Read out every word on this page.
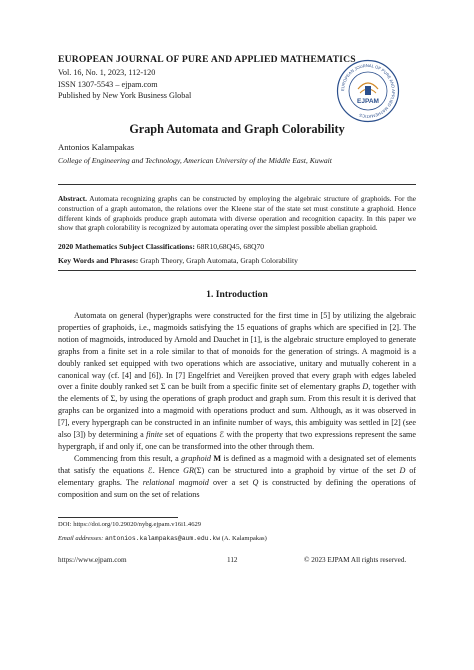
EUROPEAN JOURNAL OF PURE AND APPLIED MATHEMATICS
Vol. 16, No. 1, 2023, 112-120
ISSN 1307-5543 – ejpam.com
Published by New York Business Global
EUROPEAN JOURNAL OF PURE AND APPLIED MATHEMATICS
EJPAM
Graph Automata and Graph Colorability
Antonios Kalampakas
College of Engineering and Technology, American University of the Middle East, Kuwait
Abstract. Automata recognizing graphs can be constructed by employing the algebraic structure of graphoids. For the construction of a graph automaton, the relations over the Kleene star of the state set must constitute a graphoid. Hence different kinds of graphoids produce graph automata with diverse operation and recognition capacity. In this paper we show that graph colorability is recognized by automata operating over the simplest possible abelian graphoid.
2020 Mathematics Subject Classifications: 68R10,68Q45, 68Q70
Key Words and Phrases: Graph Theory, Graph Automata, Graph Colorability
1. Introduction

Automata on general (hyper)graphs were constructed for the first time in [5] by utilizing the algebraic properties of graphoids, i.e., magmoids satisfying the 15 equations of graphs which are specified in [2]. The notion of magmoids, introduced by Arnold and Dauchet in [1], is the algebraic structure employed to generate graphs from a finite set in a role similar to that of monoids for the generation of strings. A magmoid is a doubly ranked set equipped with two operations which are associative, unitary and mutually coherent in a canonical way (cf. [4] and [6]). In [7] Engelfriet and Vereijken proved that every graph with edges labeled over a finite doubly ranked set Σ can be built from a specific finite set of elementary graphs D, together with the elements of Σ, by using the operations of graph product and graph sum. From this result it is derived that graphs can be organized into a magmoid with operations product and sum. Although, as it was observed in [7], every hypergraph can be constructed in an infinite number of ways, this ambiguity was settled in [2] (see also [3]) by determining a finite set of equations ℰ with the property that two expressions represent the same hypergraph, if and only if, one can be transformed into the other through them.

Commencing from this result, a graphoid M is defined as a magmoid with a designated set of elements that satisfy the equations ℰ. Hence GR(Σ) can be structured into a graphoid by virtue of the set D of elementary graphs. The relational magmoid over a set Q is constructed by defining the operations of composition and sum on the set of relations

DOI: https://doi.org/10.29020/nybg.ejpam.v16i1.4629
Email addresses: antonios.kalampakas@aum.edu.kw (A. Kalampakas)
https://www.ejpam.com	112	© 2023 EJPAM All rights reserved.
